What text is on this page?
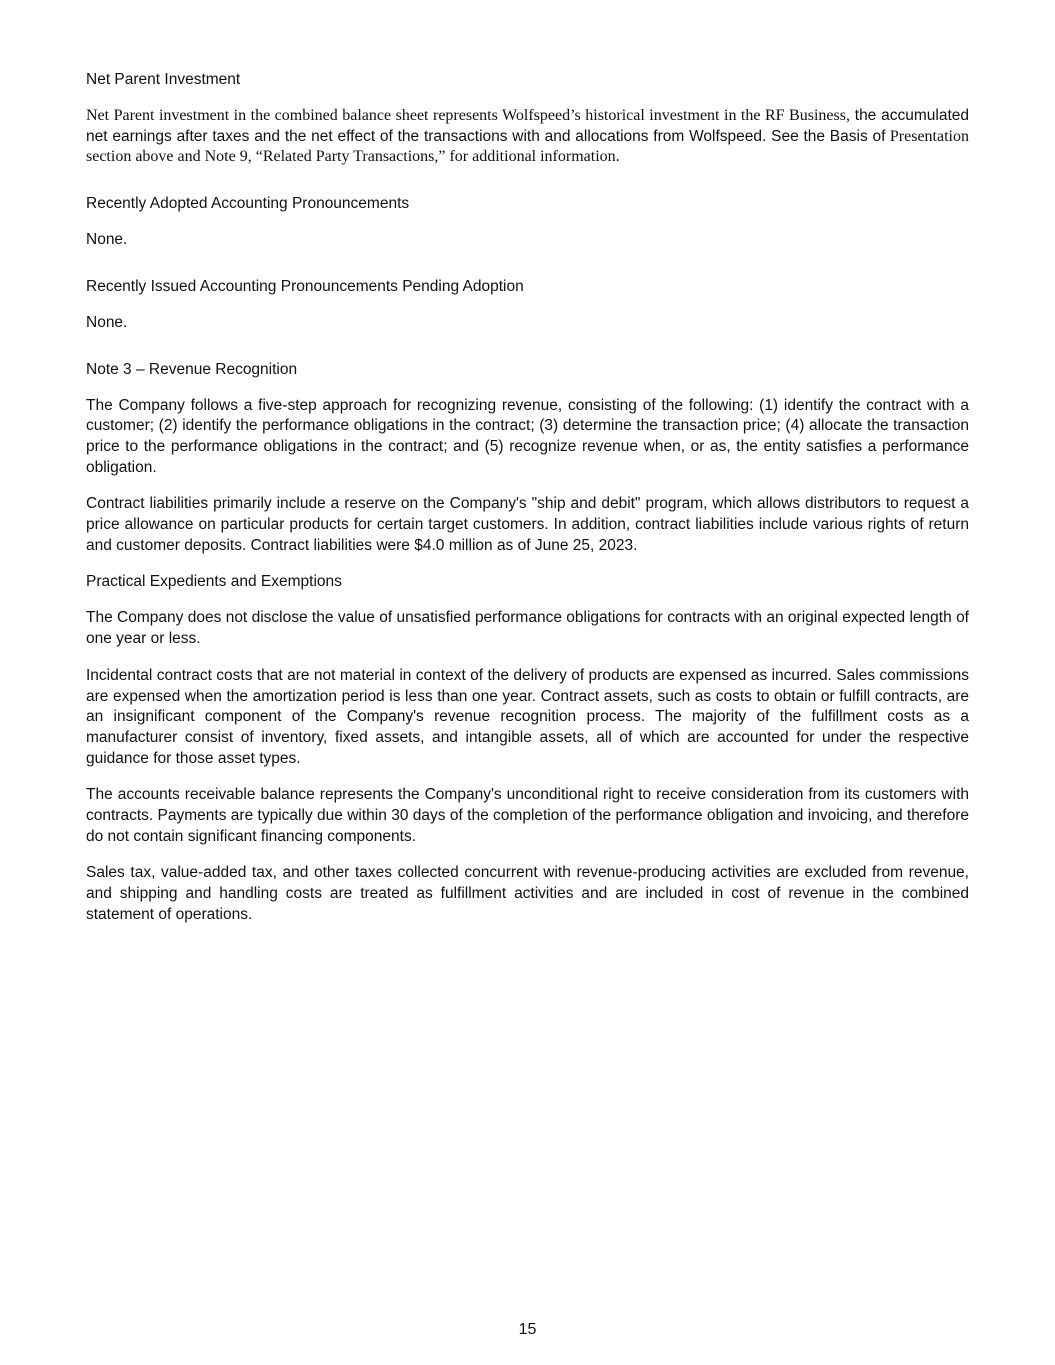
Net Parent Investment

Net Parent investment in the combined balance sheet represents Wolfspeed’s historical investment in the RF Business, the accumulated net earnings after taxes and the net effect of the transactions with and allocations from Wolfspeed. See the Basis of Presentation section above and Note 9, “Related Party Transactions,” for additional information.

Recently Adopted Accounting Pronouncements

None.

Recently Issued Accounting Pronouncements Pending Adoption

None.

Note 3 – Revenue Recognition

The Company follows a five-step approach for recognizing revenue, consisting of the following: (1) identify the contract with a customer; (2) identify the performance obligations in the contract; (3) determine the transaction price; (4) allocate the transaction price to the performance obligations in the contract; and (5) recognize revenue when, or as, the entity satisfies a performance obligation.

Contract liabilities primarily include a reserve on the Company's "ship and debit" program, which allows distributors to request a price allowance on particular products for certain target customers. In addition, contract liabilities include various rights of return and customer deposits. Contract liabilities were $4.0 million as of June 25, 2023.

Practical Expedients and Exemptions

The Company does not disclose the value of unsatisfied performance obligations for contracts with an original expected length of one year or less.

Incidental contract costs that are not material in context of the delivery of products are expensed as incurred. Sales commissions are expensed when the amortization period is less than one year. Contract assets, such as costs to obtain or fulfill contracts, are an insignificant component of the Company's revenue recognition process. The majority of the fulfillment costs as a manufacturer consist of inventory, fixed assets, and intangible assets, all of which are accounted for under the respective guidance for those asset types.

The accounts receivable balance represents the Company's unconditional right to receive consideration from its customers with contracts. Payments are typically due within 30 days of the completion of the performance obligation and invoicing, and therefore do not contain significant financing components.

Sales tax, value-added tax, and other taxes collected concurrent with revenue-producing activities are excluded from revenue, and shipping and handling costs are treated as fulfillment activities and are included in cost of revenue in the combined statement of operations.

15
